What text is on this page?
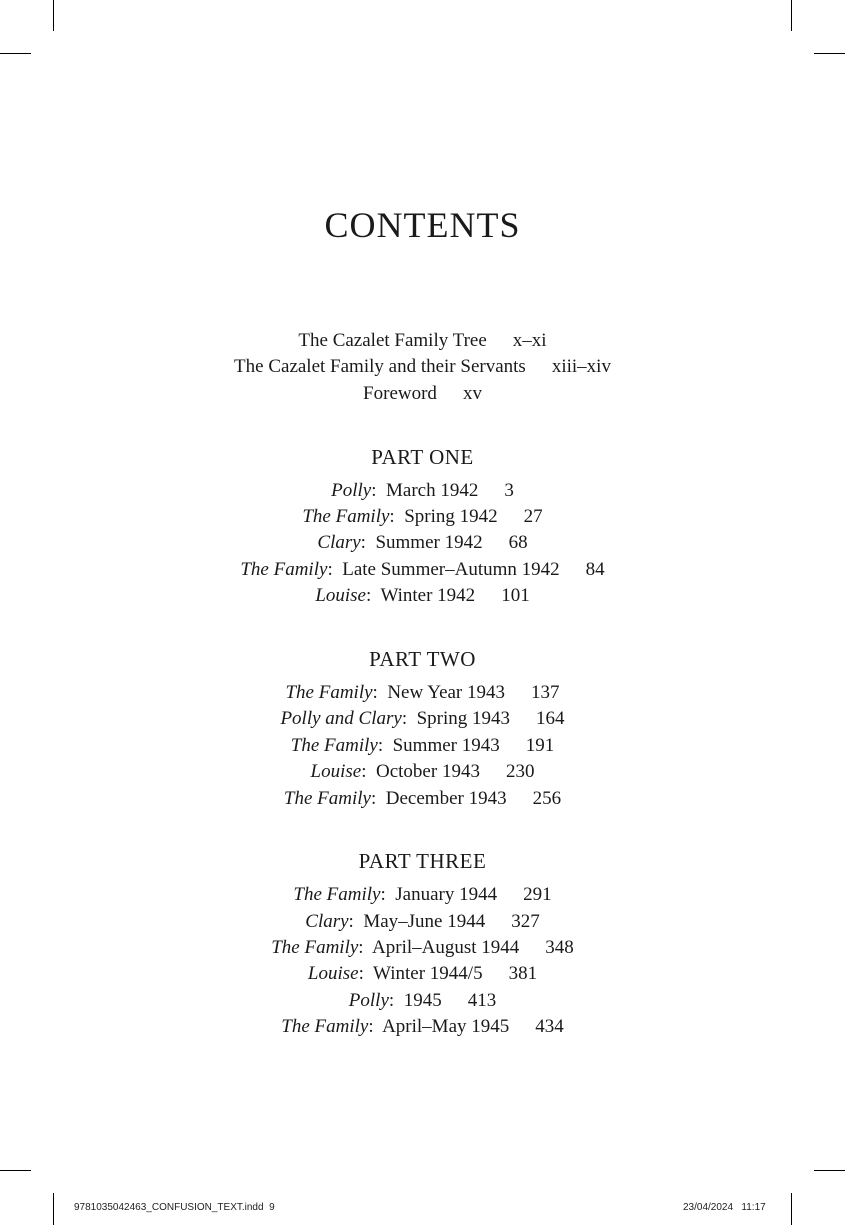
CONTENTS
The Cazalet Family Tree x–xi
The Cazalet Family and their Servants xiii–xiv
Foreword xv
PART ONE
Polly:  March 1942 3
The Family:  Spring 1942 27
Clary:  Summer 1942 68
The Family:  Late Summer–Autumn 1942 84
Louise:  Winter 1942 101
PART TWO
The Family:  New Year 1943 137
Polly and Clary:  Spring 1943 164
The Family:  Summer 1943 191
Louise:  October 1943 230
The Family:  December 1943 256
PART THREE
The Family:  January 1944 291
Clary:  May–June 1944 327
The Family:  April–August 1944 348
Louise:  Winter 1944/5 381
Polly:  1945 413
The Family:  April–May 1945 434
9781035042463_CONFUSION_TEXT.indd 9	23/04/2024 11:17
